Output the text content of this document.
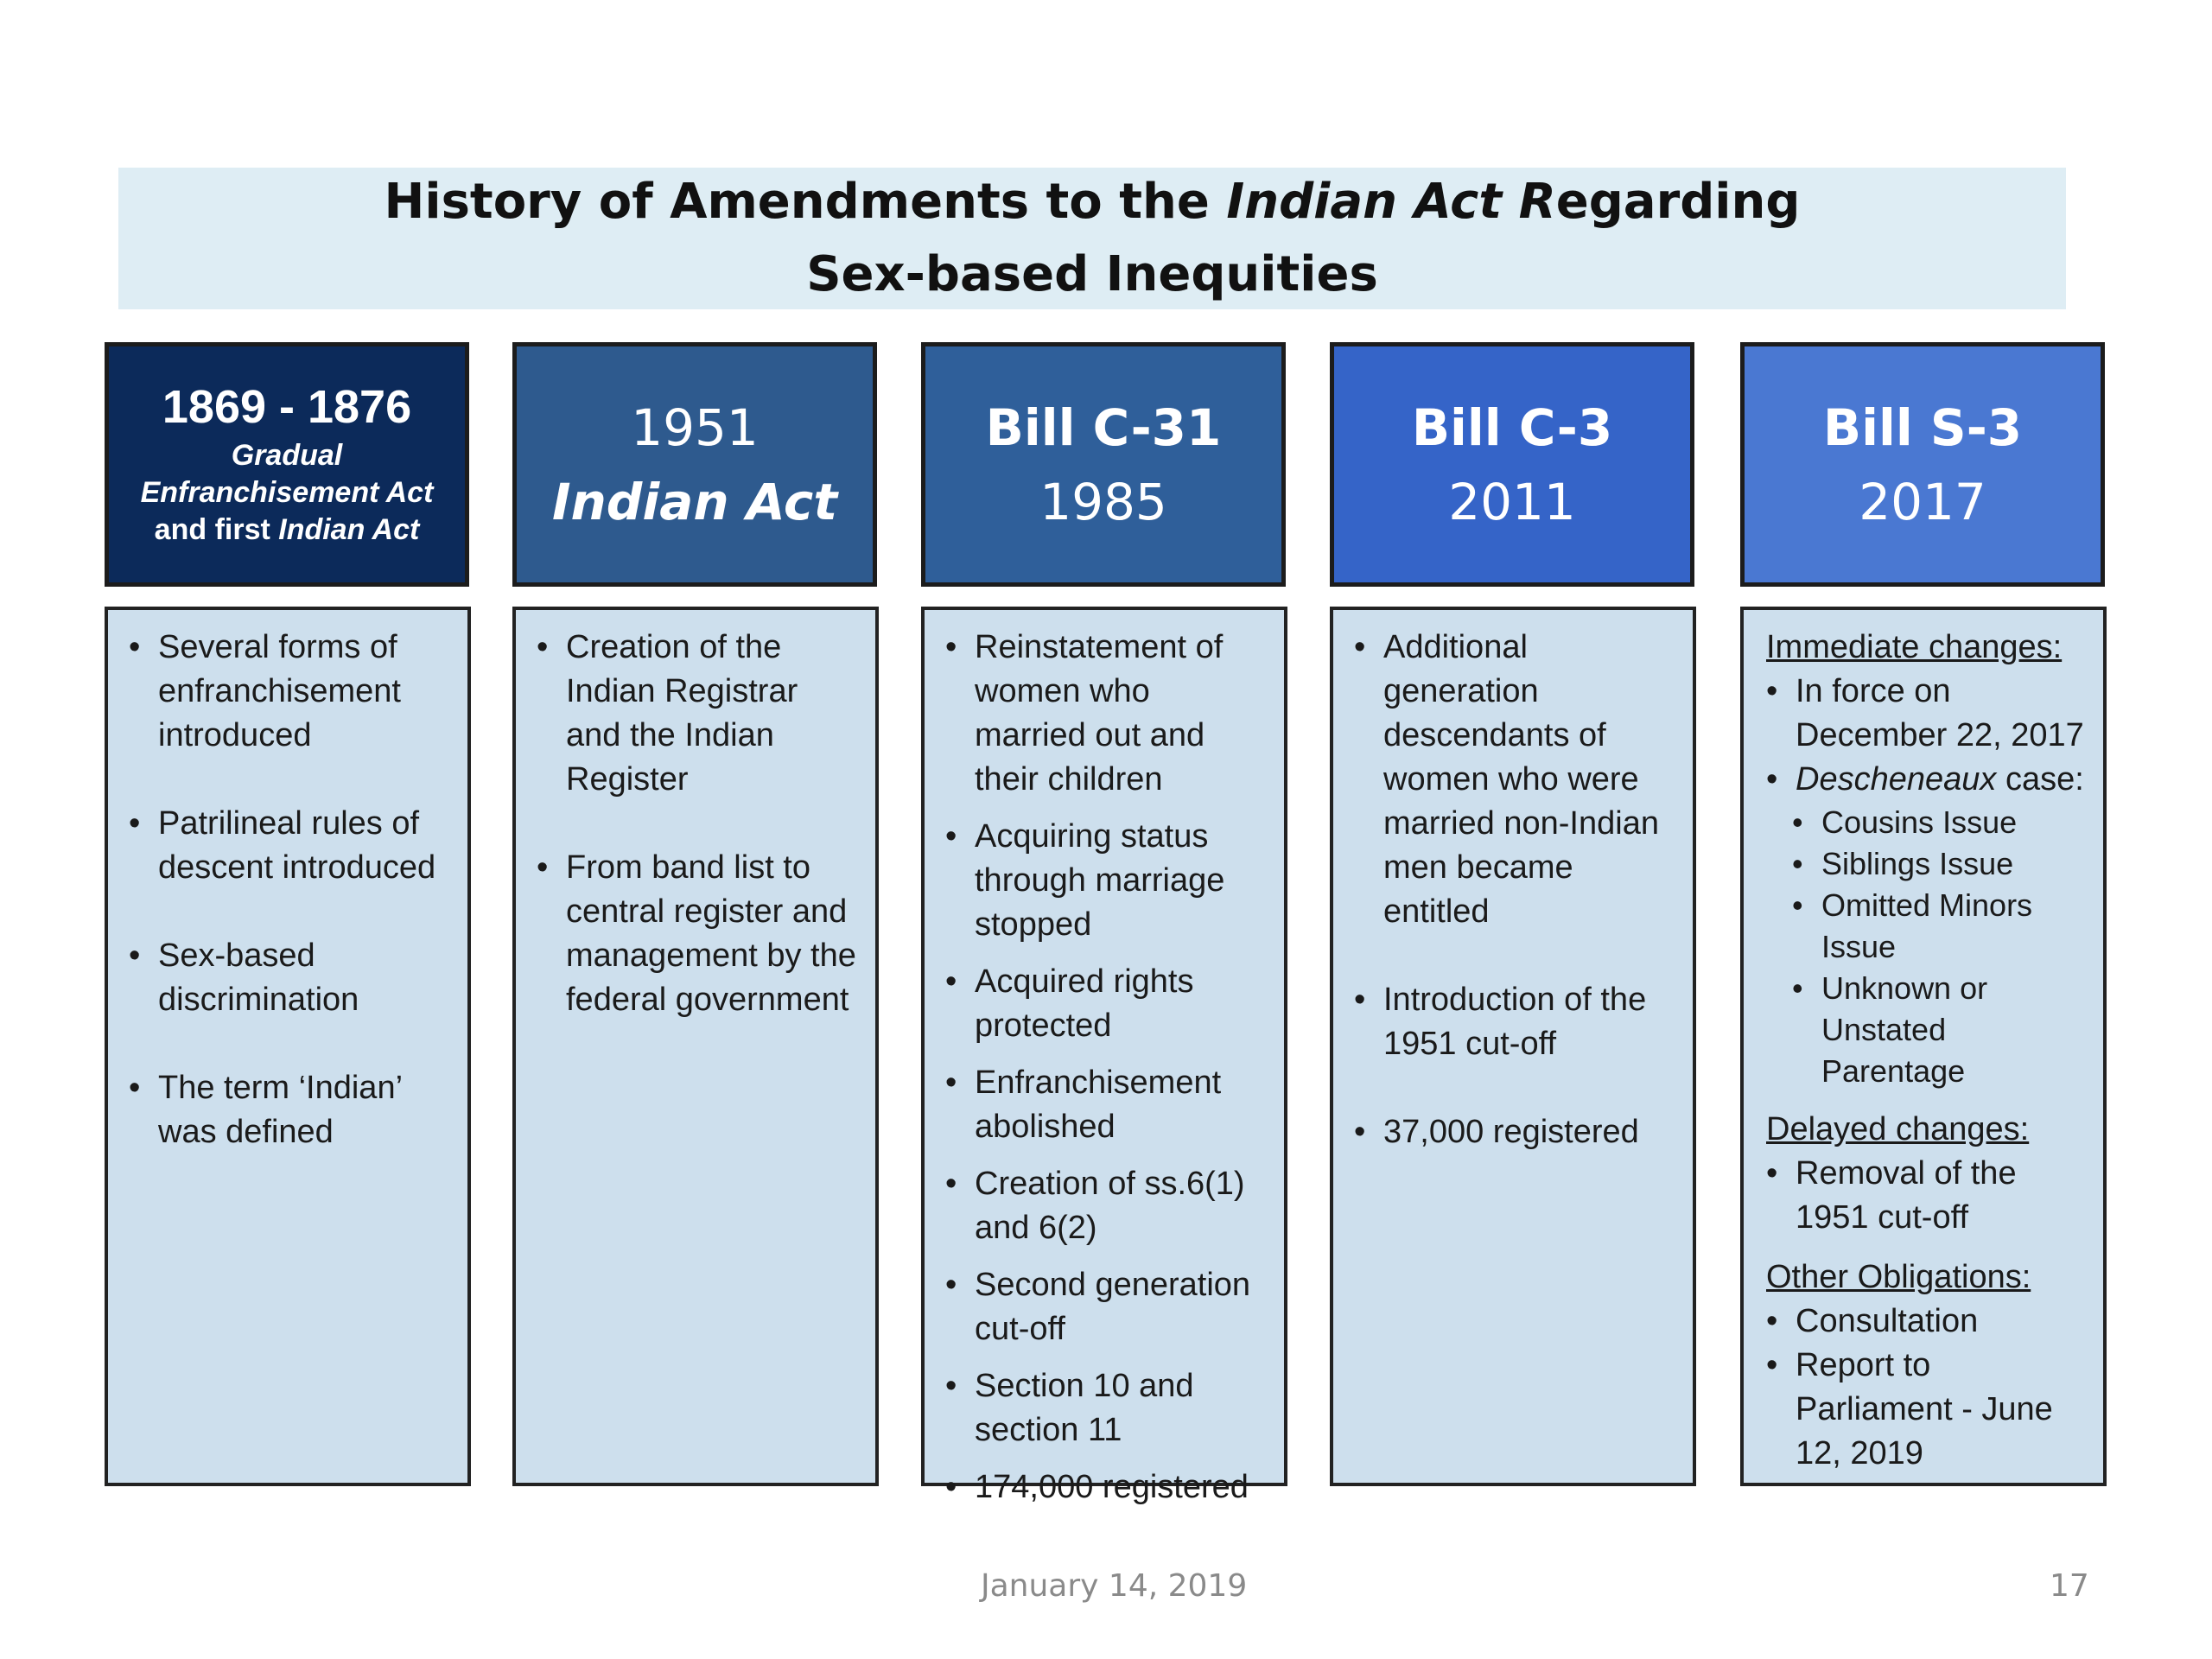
History of Amendments to the Indian Act Regarding
Sex-based Inequities
1869 - 1876
Gradual
Enfranchisement Act
and first Indian Act
1951
Indian Act
Bill C-31
1985
Bill C-3
2011
Bill S-3
2017
• Several forms of enfranchisement introduced
• Patrilineal rules of descent introduced
• Sex-based discrimination
• The term ‘Indian’ was defined
• Creation of the Indian Registrar and the Indian Register
• From band list to central register and management by the federal government
• Reinstatement of women who married out and their children
• Acquiring status through marriage stopped
• Acquired rights protected
• Enfranchisement abolished
• Creation of ss.6(1) and 6(2)
• Second generation cut-off
• Section 10 and section 11
• 174,000 registered
• Additional generation descendants of women who were married non-Indian men became entitled
• Introduction of the 1951 cut-off
• 37,000 registered
Immediate changes:
• In force on December 22, 2017
• Descheneaux case:
• Cousins Issue
• Siblings Issue
• Omitted Minors Issue
• Unknown or Unstated Parentage
Delayed changes:
• Removal of the 1951 cut-off
Other Obligations:
• Consultation
• Report to Parliament - June 12, 2019
January 14, 2019	17
